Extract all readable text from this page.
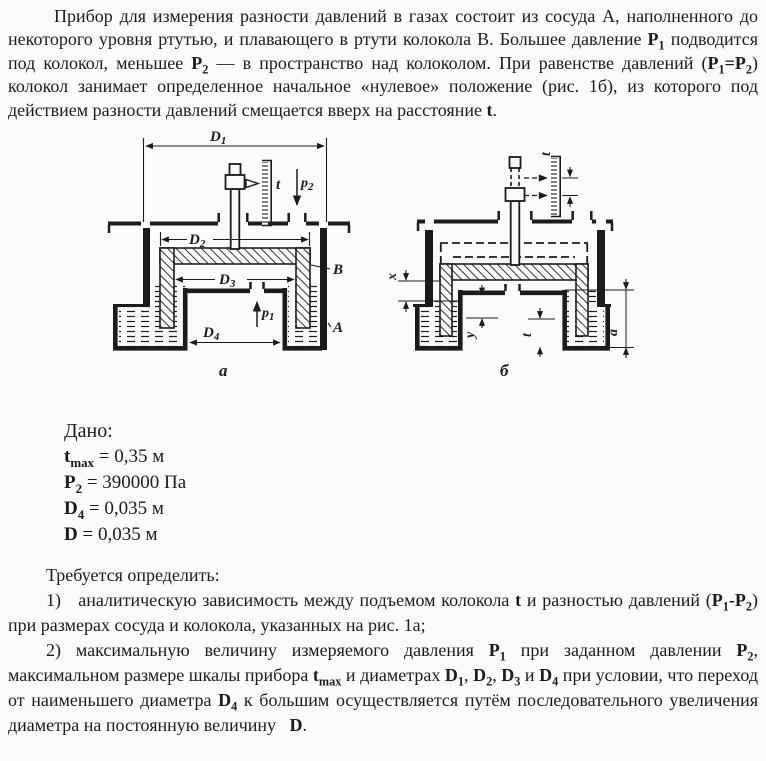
Прибор для измерения разности давлений в газах состоит из сосуда А, наполненного до некоторого уровня ртутью, и плавающего в ртути колокола В. Большее давление $P_1$ подводится под колокол, меньшее $P_2$ — в пространство над колоколом. При равенстве давлений $(P_1=P_2)$ колокол занимает определенное начальное «нулевое» положение (рис. 1б), из которого под действием разности давлений смещается вверх на расстояние t.

t
D1
D2
D3
D4
p1
p2
B
A
а
t
х
у	t	а
б
Дано:
$t_{max} = 0,35$ м
$P_2 = 390000$ Па
$D_4 = 0,035$ м
D = 0,035 м

Требуется определить:

1)   аналитическую зависимость между подъемом колокола t и разностью давлений $(P_1-P_2)$ при размерах сосуда и колокола, указанных на рис. 1а;

2) максимальную величину измеряемого давления $P_1$ при заданном давлении $P_2$, максимальном размере шкалы прибора $t_{max}$ и диаметрах $D_1$, $D_2$, $D_3$ и $D_4$ при условии, что переход от наименьшего диаметра $D_4$ к большим осуществляется путём последовательного увеличения диаметра на постоянную величину   D.
